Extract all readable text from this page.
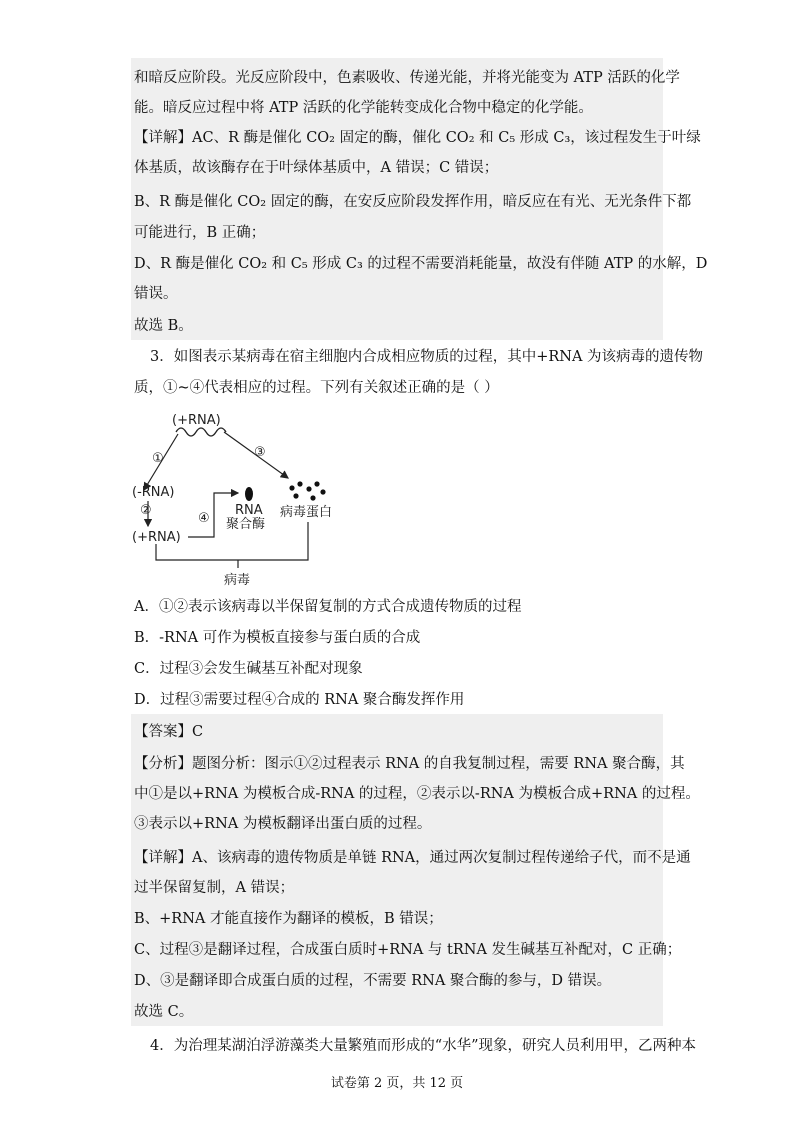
和暗反应阶段。光反应阶段中，色素吸收、传递光能，并将光能变为 ATP 活跃的化学
能。暗反应过程中将 ATP 活跃的化学能转变成化合物中稳定的化学能。
【详解】AC、R 酶是催化 CO₂ 固定的酶，催化 CO₂ 和 C₅ 形成 C₃，该过程发生于叶绿
体基质，故该酶存在于叶绿体基质中，A 错误；C 错误；
B、R 酶是催化 CO₂ 固定的酶，在安反应阶段发挥作用，暗反应在有光、无光条件下都
可能进行，B 正确；
D、R 酶是催化 CO₂ 和 C₅ 形成 C₃ 的过程不需要消耗能量，故没有伴随 ATP 的水解，D
错误。
故选 B。
3．如图表示某病毒在宿主细胞内合成相应物质的过程，其中+RNA 为该病毒的遗传物
质，①~④代表相应的过程。下列有关叙述正确的是（ ）
(+RNA)
①	③
(-RNA)
②
(+RNA)
④
RNA
聚合酶
病毒蛋白
病毒
A．①②表示该病毒以半保留复制的方式合成遗传物质的过程
B．-RNA 可作为模板直接参与蛋白质的合成
C．过程③会发生碱基互补配对现象
D．过程③需要过程④合成的 RNA 聚合酶发挥作用
【答案】C
【分析】题图分析：图示①②过程表示 RNA 的自我复制过程，需要 RNA 聚合酶，其
中①是以+RNA 为模板合成-RNA 的过程，②表示以-RNA 为模板合成+RNA 的过程。
③表示以+RNA 为模板翻译出蛋白质的过程。
【详解】A、该病毒的遗传物质是单链 RNA，通过两次复制过程传递给子代，而不是通
过半保留复制，A 错误；
B、+RNA 才能直接作为翻译的模板，B 错误；
C、过程③是翻译过程，合成蛋白质时+RNA 与 tRNA 发生碱基互补配对，C 正确；
D、③是翻译即合成蛋白质的过程，不需要 RNA 聚合酶的参与，D 错误。
故选 C。
4．为治理某湖泊浮游藻类大量繁殖而形成的“水华”现象，研究人员利用甲，乙两种本
试卷第 2 页，共 12 页
